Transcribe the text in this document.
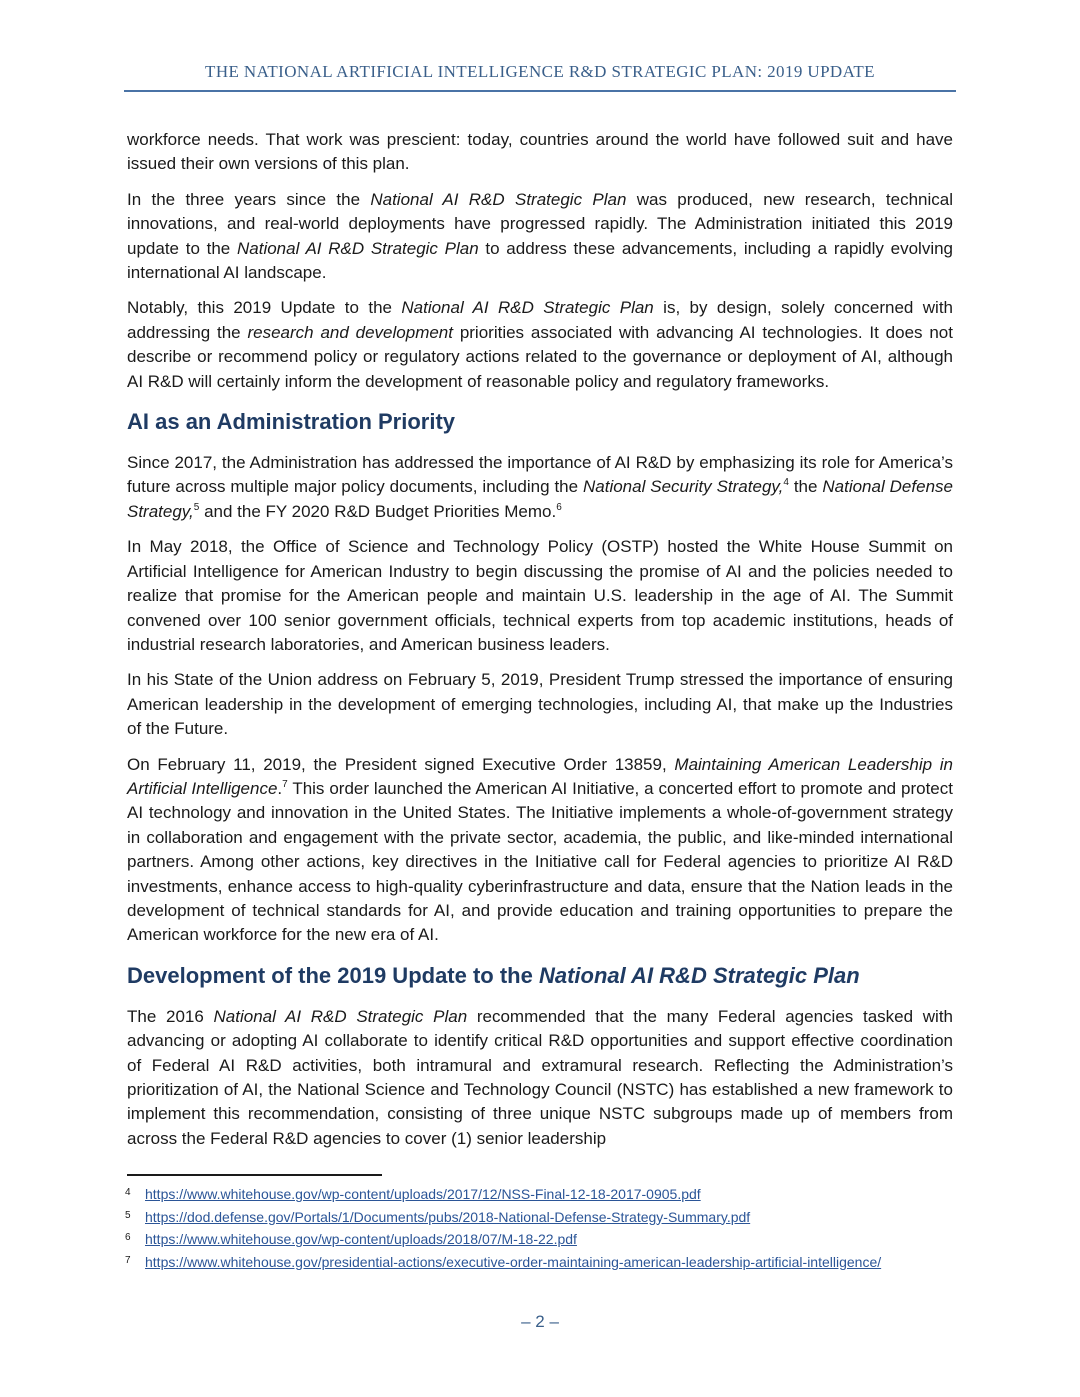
THE NATIONAL ARTIFICIAL INTELLIGENCE R&D STRATEGIC PLAN: 2019 UPDATE

workforce needs. That work was prescient: today, countries around the world have followed suit and have issued their own versions of this plan.

In the three years since the National AI R&D Strategic Plan was produced, new research, technical innovations, and real-world deployments have progressed rapidly. The Administration initiated this 2019 update to the National AI R&D Strategic Plan to address these advancements, including a rapidly evolving international AI landscape.

Notably, this 2019 Update to the National AI R&D Strategic Plan is, by design, solely concerned with addressing the research and development priorities associated with advancing AI technologies. It does not describe or recommend policy or regulatory actions related to the governance or deployment of AI, although AI R&D will certainly inform the development of reasonable policy and regulatory frameworks.

AI as an Administration Priority

Since 2017, the Administration has addressed the importance of AI R&D by emphasizing its role for America’s future across multiple major policy documents, including the National Security Strategy,$^4$ the National Defense Strategy,$^5$ and the FY 2020 R&D Budget Priorities Memo.$^6$

In May 2018, the Office of Science and Technology Policy (OSTP) hosted the White House Summit on Artificial Intelligence for American Industry to begin discussing the promise of AI and the policies needed to realize that promise for the American people and maintain U.S. leadership in the age of AI. The Summit convened over 100 senior government officials, technical experts from top academic institutions, heads of industrial research laboratories, and American business leaders.

In his State of the Union address on February 5, 2019, President Trump stressed the importance of ensuring American leadership in the development of emerging technologies, including AI, that make up the Industries of the Future.

On February 11, 2019, the President signed Executive Order 13859, Maintaining American Leadership in Artificial Intelligence.$^7$ This order launched the American AI Initiative, a concerted effort to promote and protect AI technology and innovation in the United States. The Initiative implements a whole-of-government strategy in collaboration and engagement with the private sector, academia, the public, and like-minded international partners. Among other actions, key directives in the Initiative call for Federal agencies to prioritize AI R&D investments, enhance access to high-quality cyberinfrastructure and data, ensure that the Nation leads in the development of technical standards for AI, and provide education and training opportunities to prepare the American workforce for the new era of AI.

Development of the 2019 Update to the National AI R&D Strategic Plan

The 2016 National AI R&D Strategic Plan recommended that the many Federal agencies tasked with advancing or adopting AI collaborate to identify critical R&D opportunities and support effective coordination of Federal AI R&D activities, both intramural and extramural research. Reflecting the Administration’s prioritization of AI, the National Science and Technology Council (NSTC) has established a new framework to implement this recommendation, consisting of three unique NSTC subgroups made up of members from across the Federal R&D agencies to cover (1) senior leadership

4	https://www.whitehouse.gov/wp-content/uploads/2017/12/NSS-Final-12-18-2017-0905.pdf
5	https://dod.defense.gov/Portals/1/Documents/pubs/2018-National-Defense-Strategy-Summary.pdf
6	https://www.whitehouse.gov/wp-content/uploads/2018/07/M-18-22.pdf
7	https://www.whitehouse.gov/presidential-actions/executive-order-maintaining-american-leadership-artificial-intelligence/
– 2 –
